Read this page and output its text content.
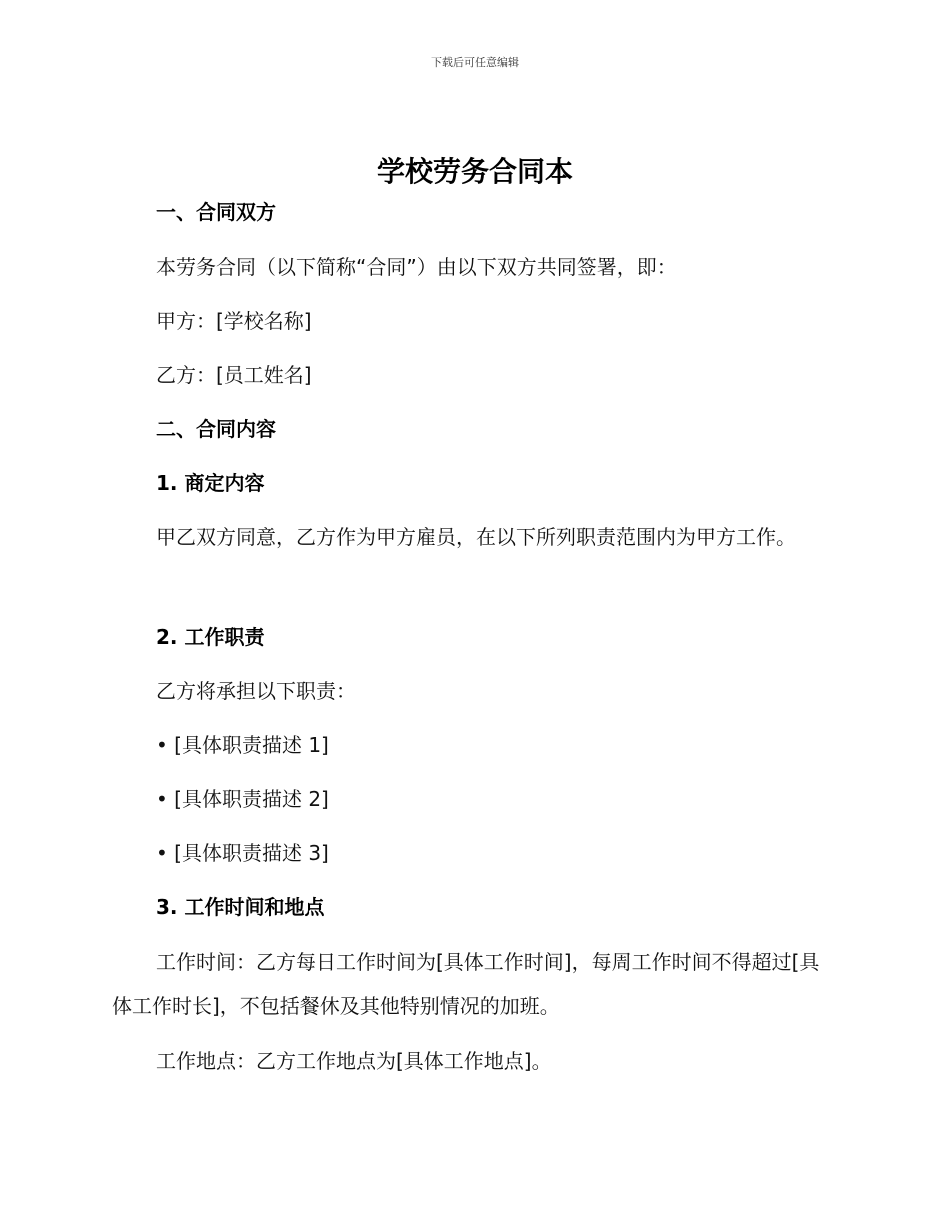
下载后可任意编辑
学校劳务合同本
一、合同双方
本劳务合同（以下简称“合同”）由以下双方共同签署，即：
甲方：[学校名称]
乙方：[员工姓名]
二、合同内容
1. 商定内容
甲乙双方同意，乙方作为甲方雇员，在以下所列职责范围内为甲方工作。
2. 工作职责
乙方将承担以下职责：
• [具体职责描述 1]
• [具体职责描述 2]
• [具体职责描述 3]
3. 工作时间和地点
工作时间：乙方每日工作时间为[具体工作时间]，每周工作时间不得超过[具体工作时长]，不包括餐休及其他特别情况的加班。
工作地点：乙方工作地点为[具体工作地点]。
